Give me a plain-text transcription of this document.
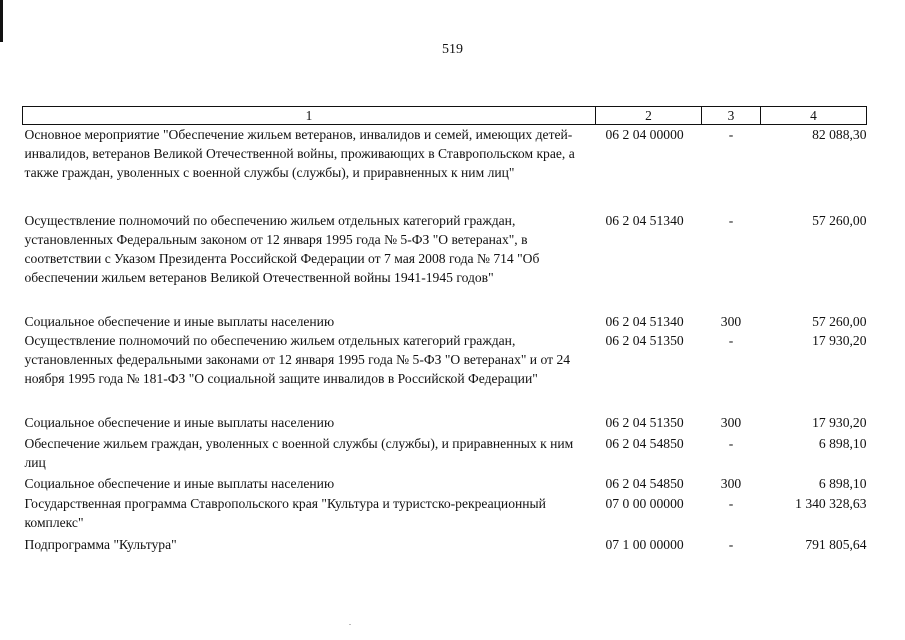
519
1	2	3	4
Основное мероприятие "Обеспечение жильем ветеранов, инвалидов и семей, имеющих детей-инвалидов, ветеранов Великой Отечественной войны, проживающих в Ставропольском крае, а также граждан, уволенных с военной службы (службы), и приравненных к ним лиц"	06 2 04 00000	-	82 088,30
Осуществление полномочий по обеспечению жильем отдельных категорий граждан, установленных Федеральным законом от 12 января 1995 года № 5-ФЗ "О ветеранах", в соответствии с Указом Президента Российской Федерации от 7 мая 2008 года № 714 "Об обеспечении жильем ветеранов Великой Отечественной войны 1941-1945 годов"	06 2 04 51340	-	57 260,00
Социальное обеспечение и иные выплаты населению	06 2 04 51340	300	57 260,00
Осуществление полномочий по обеспечению жильем отдельных категорий граждан, установленных федеральными законами от 12 января 1995 года № 5-ФЗ "О ветеранах" и от 24 ноября 1995 года № 181-ФЗ "О социальной защите инвалидов в Российской Федерации"	06 2 04 51350	-	17 930,20
Социальное обеспечение и иные выплаты населению	06 2 04 51350	300	17 930,20
Обеспечение жильем граждан, уволенных с военной службы (службы), и приравненных к ним лиц	06 2 04 54850	-	6 898,10
Социальное обеспечение и иные выплаты населению	06 2 04 54850	300	6 898,10
Государственная программа Ставропольского края "Культура и туристско-рекреационный комплекс"	07 0 00 00000	-	1 340 328,63
Подпрограмма "Культура"	07 1 00 00000	-	791 805,64
